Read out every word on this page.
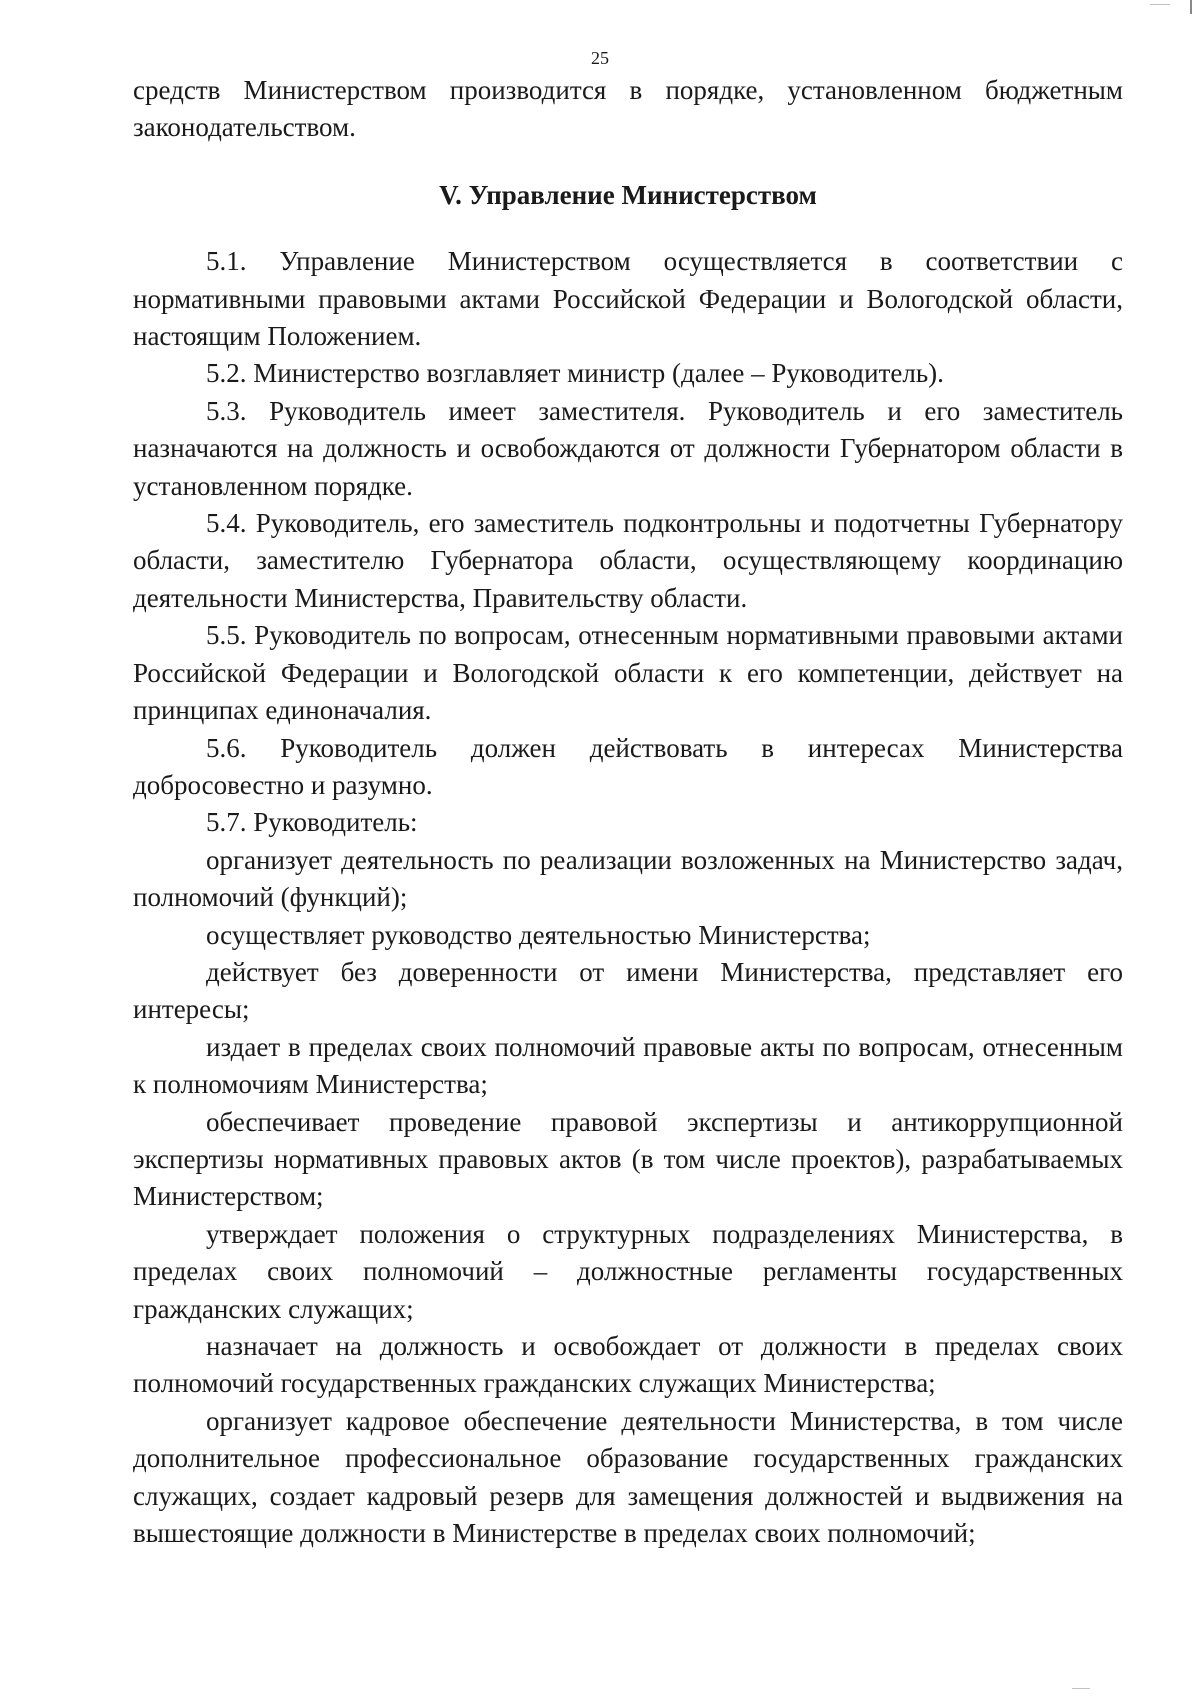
25

средств Министерством производится в порядке, установленном бюджетным законодательством.

V. Управление Министерством

5.1. Управление Министерством осуществляется в соответствии с нормативными правовыми актами Российской Федерации и Вологодской области, настоящим Положением.

5.2. Министерство возглавляет министр (далее – Руководитель).

5.3. Руководитель имеет заместителя. Руководитель и его заместитель назначаются на должность и освобождаются от должности Губернатором области в установленном порядке.

5.4. Руководитель, его заместитель подконтрольны и подотчетны Губернатору области, заместителю Губернатора области, осуществляющему координацию деятельности Министерства, Правительству области.

5.5. Руководитель по вопросам, отнесенным нормативными правовыми актами Российской Федерации и Вологодской области к его компетенции, действует на принципах единоначалия.

5.6. Руководитель должен действовать в интересах Министерства добросовестно и разумно.

5.7. Руководитель:

организует деятельность по реализации возложенных на Министерство задач, полномочий (функций);

осуществляет руководство деятельностью Министерства;

действует без доверенности от имени Министерства, представляет его интересы;

издает в пределах своих полномочий правовые акты по вопросам, отнесенным к полномочиям Министерства;

обеспечивает проведение правовой экспертизы и антикоррупционной экспертизы нормативных правовых актов (в том числе проектов), разрабатываемых Министерством;

утверждает положения о структурных подразделениях Министерства, в пределах своих полномочий – должностные регламенты государственных гражданских служащих;

назначает на должность и освобождает от должности в пределах своих полномочий государственных гражданских служащих Министерства;

организует кадровое обеспечение деятельности Министерства, в том числе дополнительное профессиональное образование государственных гражданских служащих, создает кадровый резерв для замещения должностей и выдвижения на вышестоящие должности в Министерстве в пределах своих полномочий;
